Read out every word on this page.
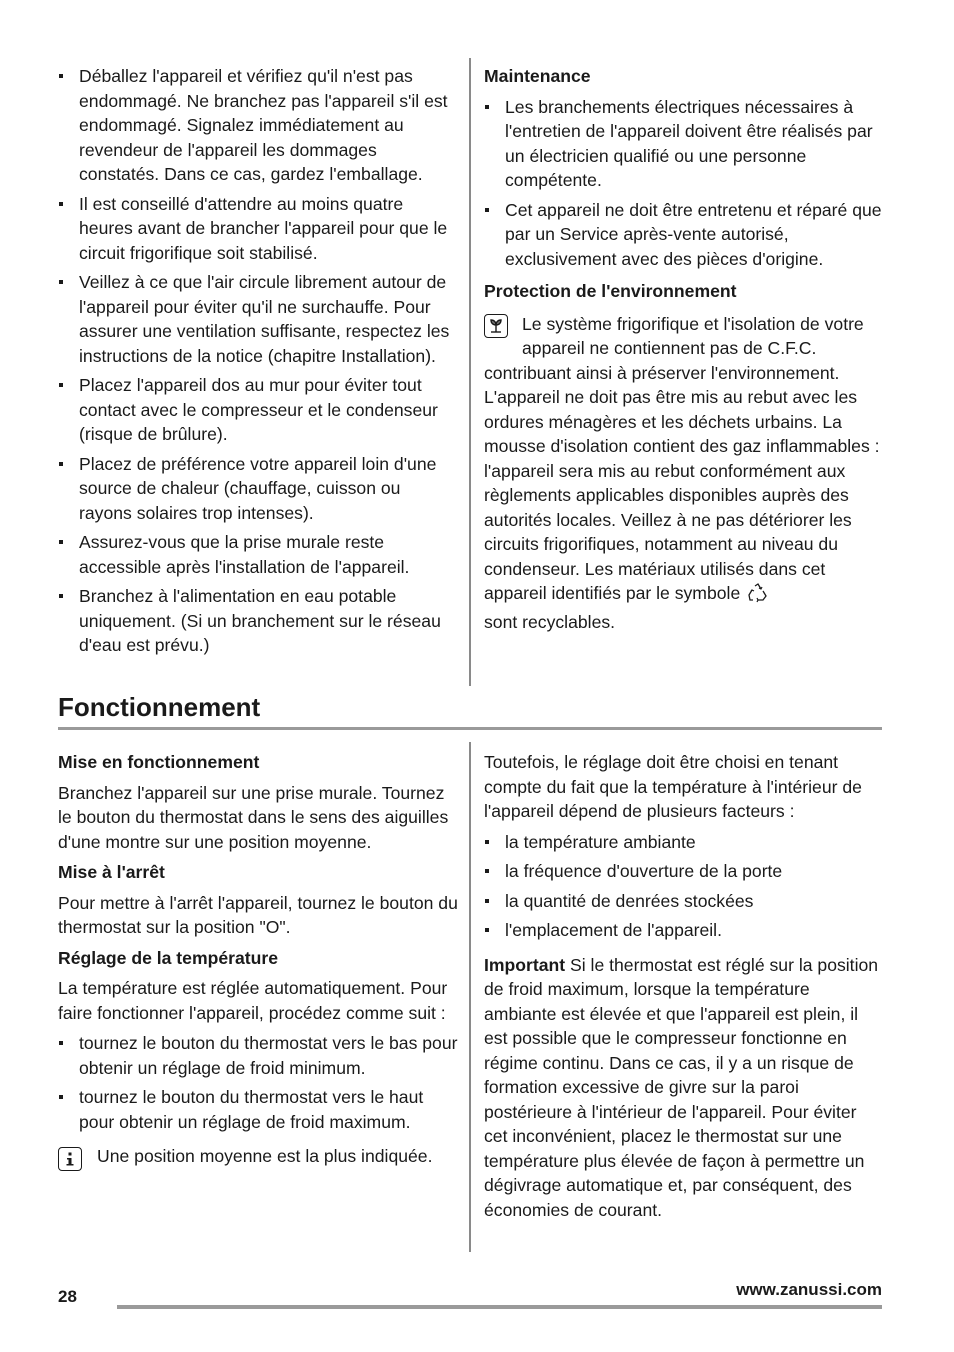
Déballez l'appareil et vérifiez qu'il n'est pas endommagé. Ne branchez pas l'appareil s'il est endommagé. Signalez immédiatement au revendeur de l'appareil les dommages constatés. Dans ce cas, gardez l'emballage.
Il est conseillé d'attendre au moins quatre heures avant de brancher l'appareil pour que le circuit frigorifique soit stabilisé.
Veillez à ce que l'air circule librement autour de l'appareil pour éviter qu'il ne surchauffe. Pour assurer une ventilation suffisante, respectez les instructions de la notice (chapitre Installation).
Placez l'appareil dos au mur pour éviter tout contact avec le compresseur et le condenseur (risque de brûlure).
Placez de préférence votre appareil loin d'une source de chaleur (chauffage, cuisson ou rayons solaires trop intenses).
Assurez-vous que la prise murale reste accessible après l'installation de l'appareil.
Branchez à l'alimentation en eau potable uniquement. (Si un branchement sur le réseau d'eau est prévu.)

Maintenance

Les branchements électriques nécessaires à l'entretien de l'appareil doivent être réalisés par un électricien qualifié ou une personne compétente.
Cet appareil ne doit être entretenu et réparé que par un Service après-vente autorisé, exclusivement avec des pièces d'origine.

Protection de l'environnement

Le système frigorifique et l'isolation de votre appareil ne contiennent pas de C.F.C. contribuant ainsi à préserver l'environnement. L'appareil ne doit pas être mis au rebut avec les ordures ménagères et les déchets urbains. La mousse d'isolation contient des gaz inflammables : l'appareil sera mis au rebut conformément aux règlements applicables disponibles auprès des autorités locales. Veillez à ne pas détériorer les circuits frigorifiques, notamment au niveau du condenseur. Les matériaux utilisés dans cet appareil identifiés par le symbole
sont recyclables.
Fonctionnement

Mise en fonctionnement

Branchez l'appareil sur une prise murale. Tournez le bouton du thermostat dans le sens des aiguilles d'une montre sur une position moyenne.

Mise à l'arrêt

Pour mettre à l'arrêt l'appareil, tournez le bouton du thermostat sur la position "O".

Réglage de la température

La température est réglée automatiquement. Pour faire fonctionner l'appareil, procédez comme suit :

tournez le bouton du thermostat vers le bas pour obtenir un réglage de froid minimum.
tournez le bouton du thermostat vers le haut pour obtenir un réglage de froid maximum.
Une position moyenne est la plus indiquée.

Toutefois, le réglage doit être choisi en tenant compte du fait que la température à l'intérieur de l'appareil dépend de plusieurs facteurs :

la température ambiante
la fréquence d'ouverture de la porte
la quantité de denrées stockées
l'emplacement de l'appareil.

Important Si le thermostat est réglé sur la position de froid maximum, lorsque la température ambiante est élevée et que l'appareil est plein, il est possible que le compresseur fonctionne en régime continu. Dans ce cas, il y a un risque de formation excessive de givre sur la paroi postérieure à l'intérieur de l'appareil. Pour éviter cet inconvénient, placez le thermostat sur une température plus élevée de façon à permettre un dégivrage automatique et, par conséquent, des économies de courant.

28	www.zanussi.com
